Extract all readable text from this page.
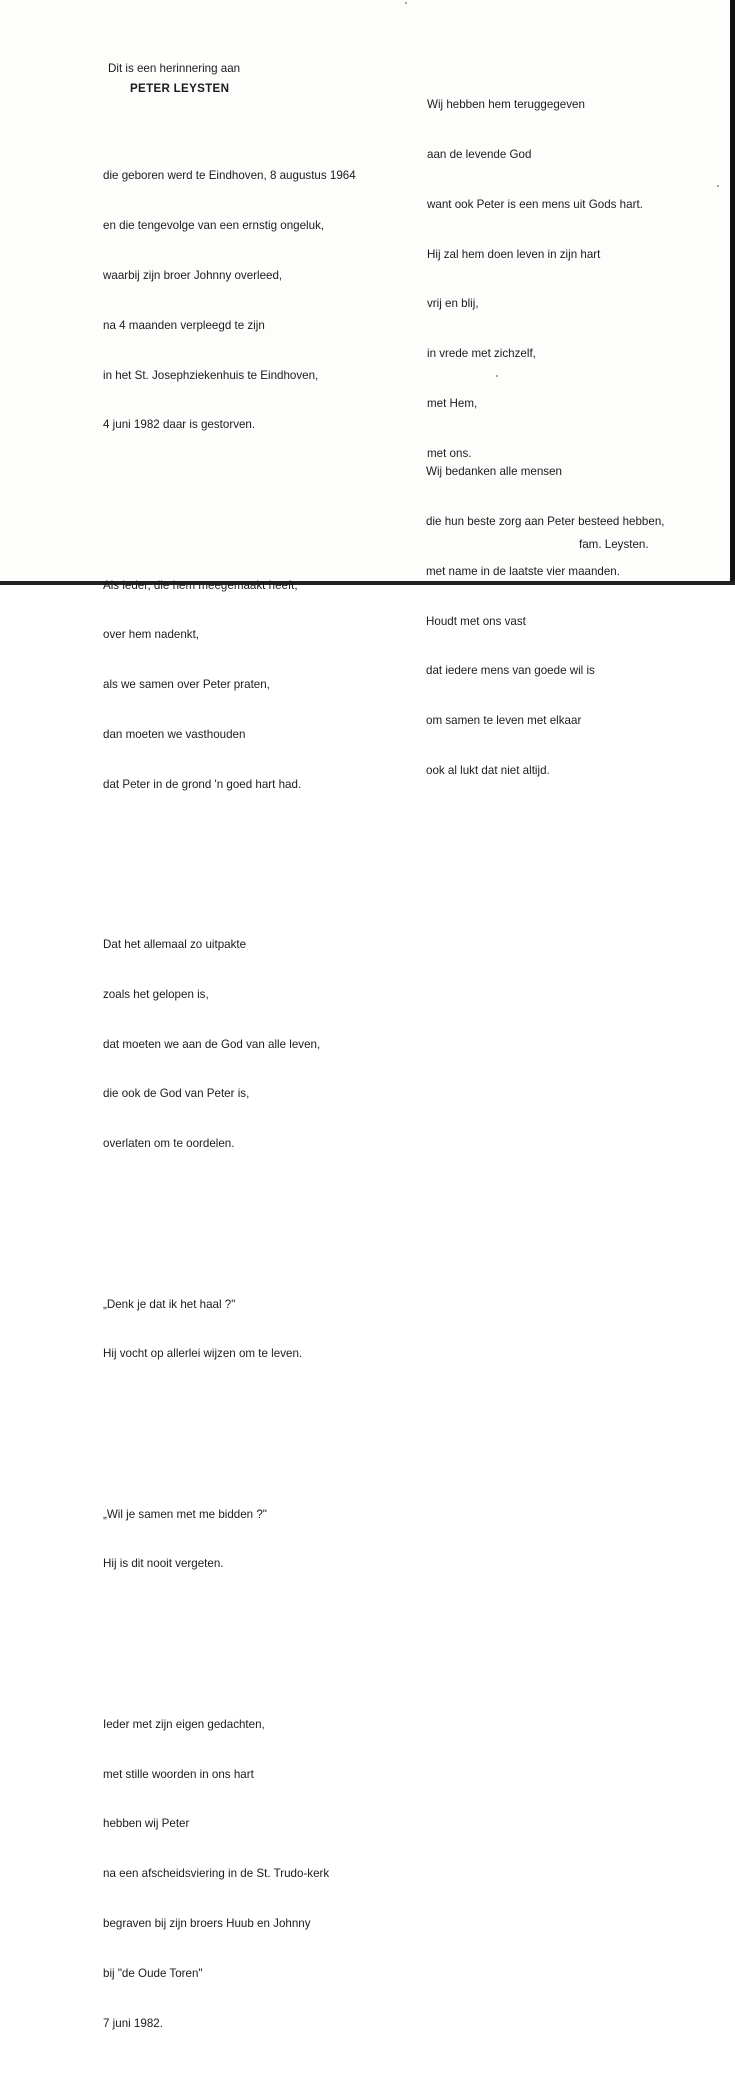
Dit is een herinnering aan
PETER LEYSTEN

die geboren werd te Eindhoven, 8 augustus 1964

en die tengevolge van een ernstig ongeluk,

waarbij zijn broer Johnny overleed,

na 4 maanden verpleegd te zijn

in het St. Josephziekenhuis te Eindhoven,

4 juni 1982 daar is gestorven.

Als ieder, die hem meegemaakt heeft,

over hem nadenkt,

als we samen over Peter praten,

dan moeten we vasthouden

dat Peter in de grond 'n goed hart had.

Dat het allemaal zo uitpakte

zoals het gelopen is,

dat moeten we aan de God van alle leven,

die ook de God van Peter is,

overlaten om te oordelen.

„Denk je dat ik het haal ?"

Hij vocht op allerlei wijzen om te leven.

„Wil je samen met me bidden ?"

Hij is dit nooit vergeten.

Ieder met zijn eigen gedachten,

met stille woorden in ons hart

hebben wij Peter

na een afscheidsviering in de St. Trudo-kerk

begraven bij zijn broers Huub en Johnny

bij "de Oude Toren"

7 juni 1982.

Wij hebben hem teruggegeven

aan de levende God

want ook Peter is een mens uit Gods hart.

Hij zal hem doen leven in zijn hart

vrij en blij,

in vrede met zichzelf,

met Hem,

met ons.

Wij bedanken alle mensen

die hun beste zorg aan Peter besteed hebben,

met name in de laatste vier maanden.

Houdt met ons vast

dat iedere mens van goede wil is

om samen te leven met elkaar

ook al lukt dat niet altijd.

fam. Leysten.
